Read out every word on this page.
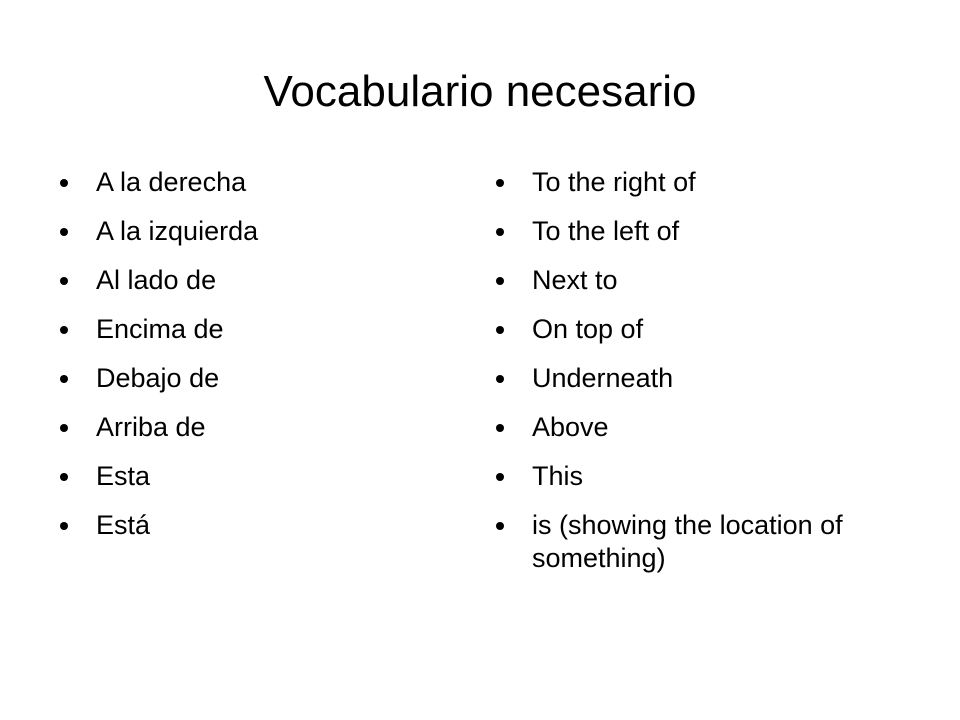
Vocabulario necesario
A la derecha
A la izquierda
Al lado de
Encima de
Debajo de
Arriba de
Esta
Está
To the right of
To the left of
Next to
On top of
Underneath
Above
This
is (showing the location of something)
